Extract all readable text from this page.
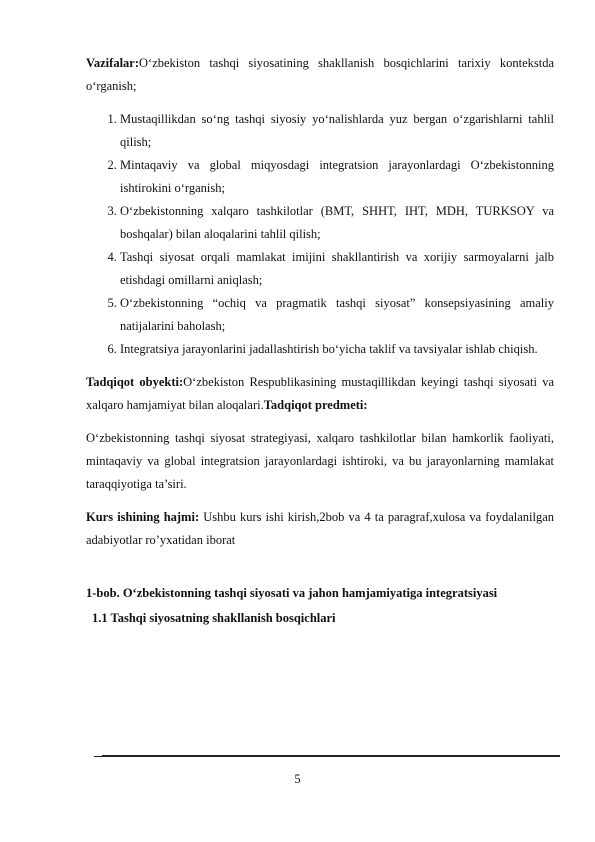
Vazifalar:O‘zbekiston tashqi siyosatining shakllanish bosqichlarini tarixiy kontekstda o‘rganish;

1. Mustaqillikdan so‘ng tashqi siyosiy yo‘nalishlarda yuz bergan o‘zgarishlarni tahlil qilish;
2. Mintaqaviy va global miqyosdagi integratsion jarayonlardagi O‘zbekistonning ishtirokini o‘rganish;
3. O‘zbekistonning xalqaro tashkilotlar (BMT, SHHT, IHT, MDH, TURKSOY va boshqalar) bilan aloqalarini tahlil qilish;
4. Tashqi siyosat orqali mamlakat imijini shakllantirish va xorijiy sarmoyalarni jalb etishdagi omillarni aniqlash;
5. O‘zbekistonning “ochiq va pragmatik tashqi siyosat” konsepsiyasining amaliy natijalarini baholash;
6. Integratsiya jarayonlarini jadallashtirish bo‘yicha taklif va tavsiyalar ishlab chiqish.

Tadqiqot obyekti:O‘zbekiston Respublikasining mustaqillikdan keyingi tashqi siyosati va xalqaro hamjamiyat bilan aloqalari.Tadqiqot predmeti:

O‘zbekistonning tashqi siyosat strategiyasi, xalqaro tashkilotlar bilan hamkorlik faoliyati, mintaqaviy va global integratsion jarayonlardagi ishtiroki, va bu jarayonlarning mamlakat taraqqiyotiga ta’siri.

Kurs ishining hajmi: Ushbu kurs ishi kirish,2bob va 4 ta paragraf,xulosa va foydalanilgan adabiyotlar ro’yxatidan iborat

1-bob. O‘zbekistonning tashqi siyosati va jahon hamjamiyatiga integratsiyasi

1.1 Tashqi siyosatning shakllanish bosqichlari

5
